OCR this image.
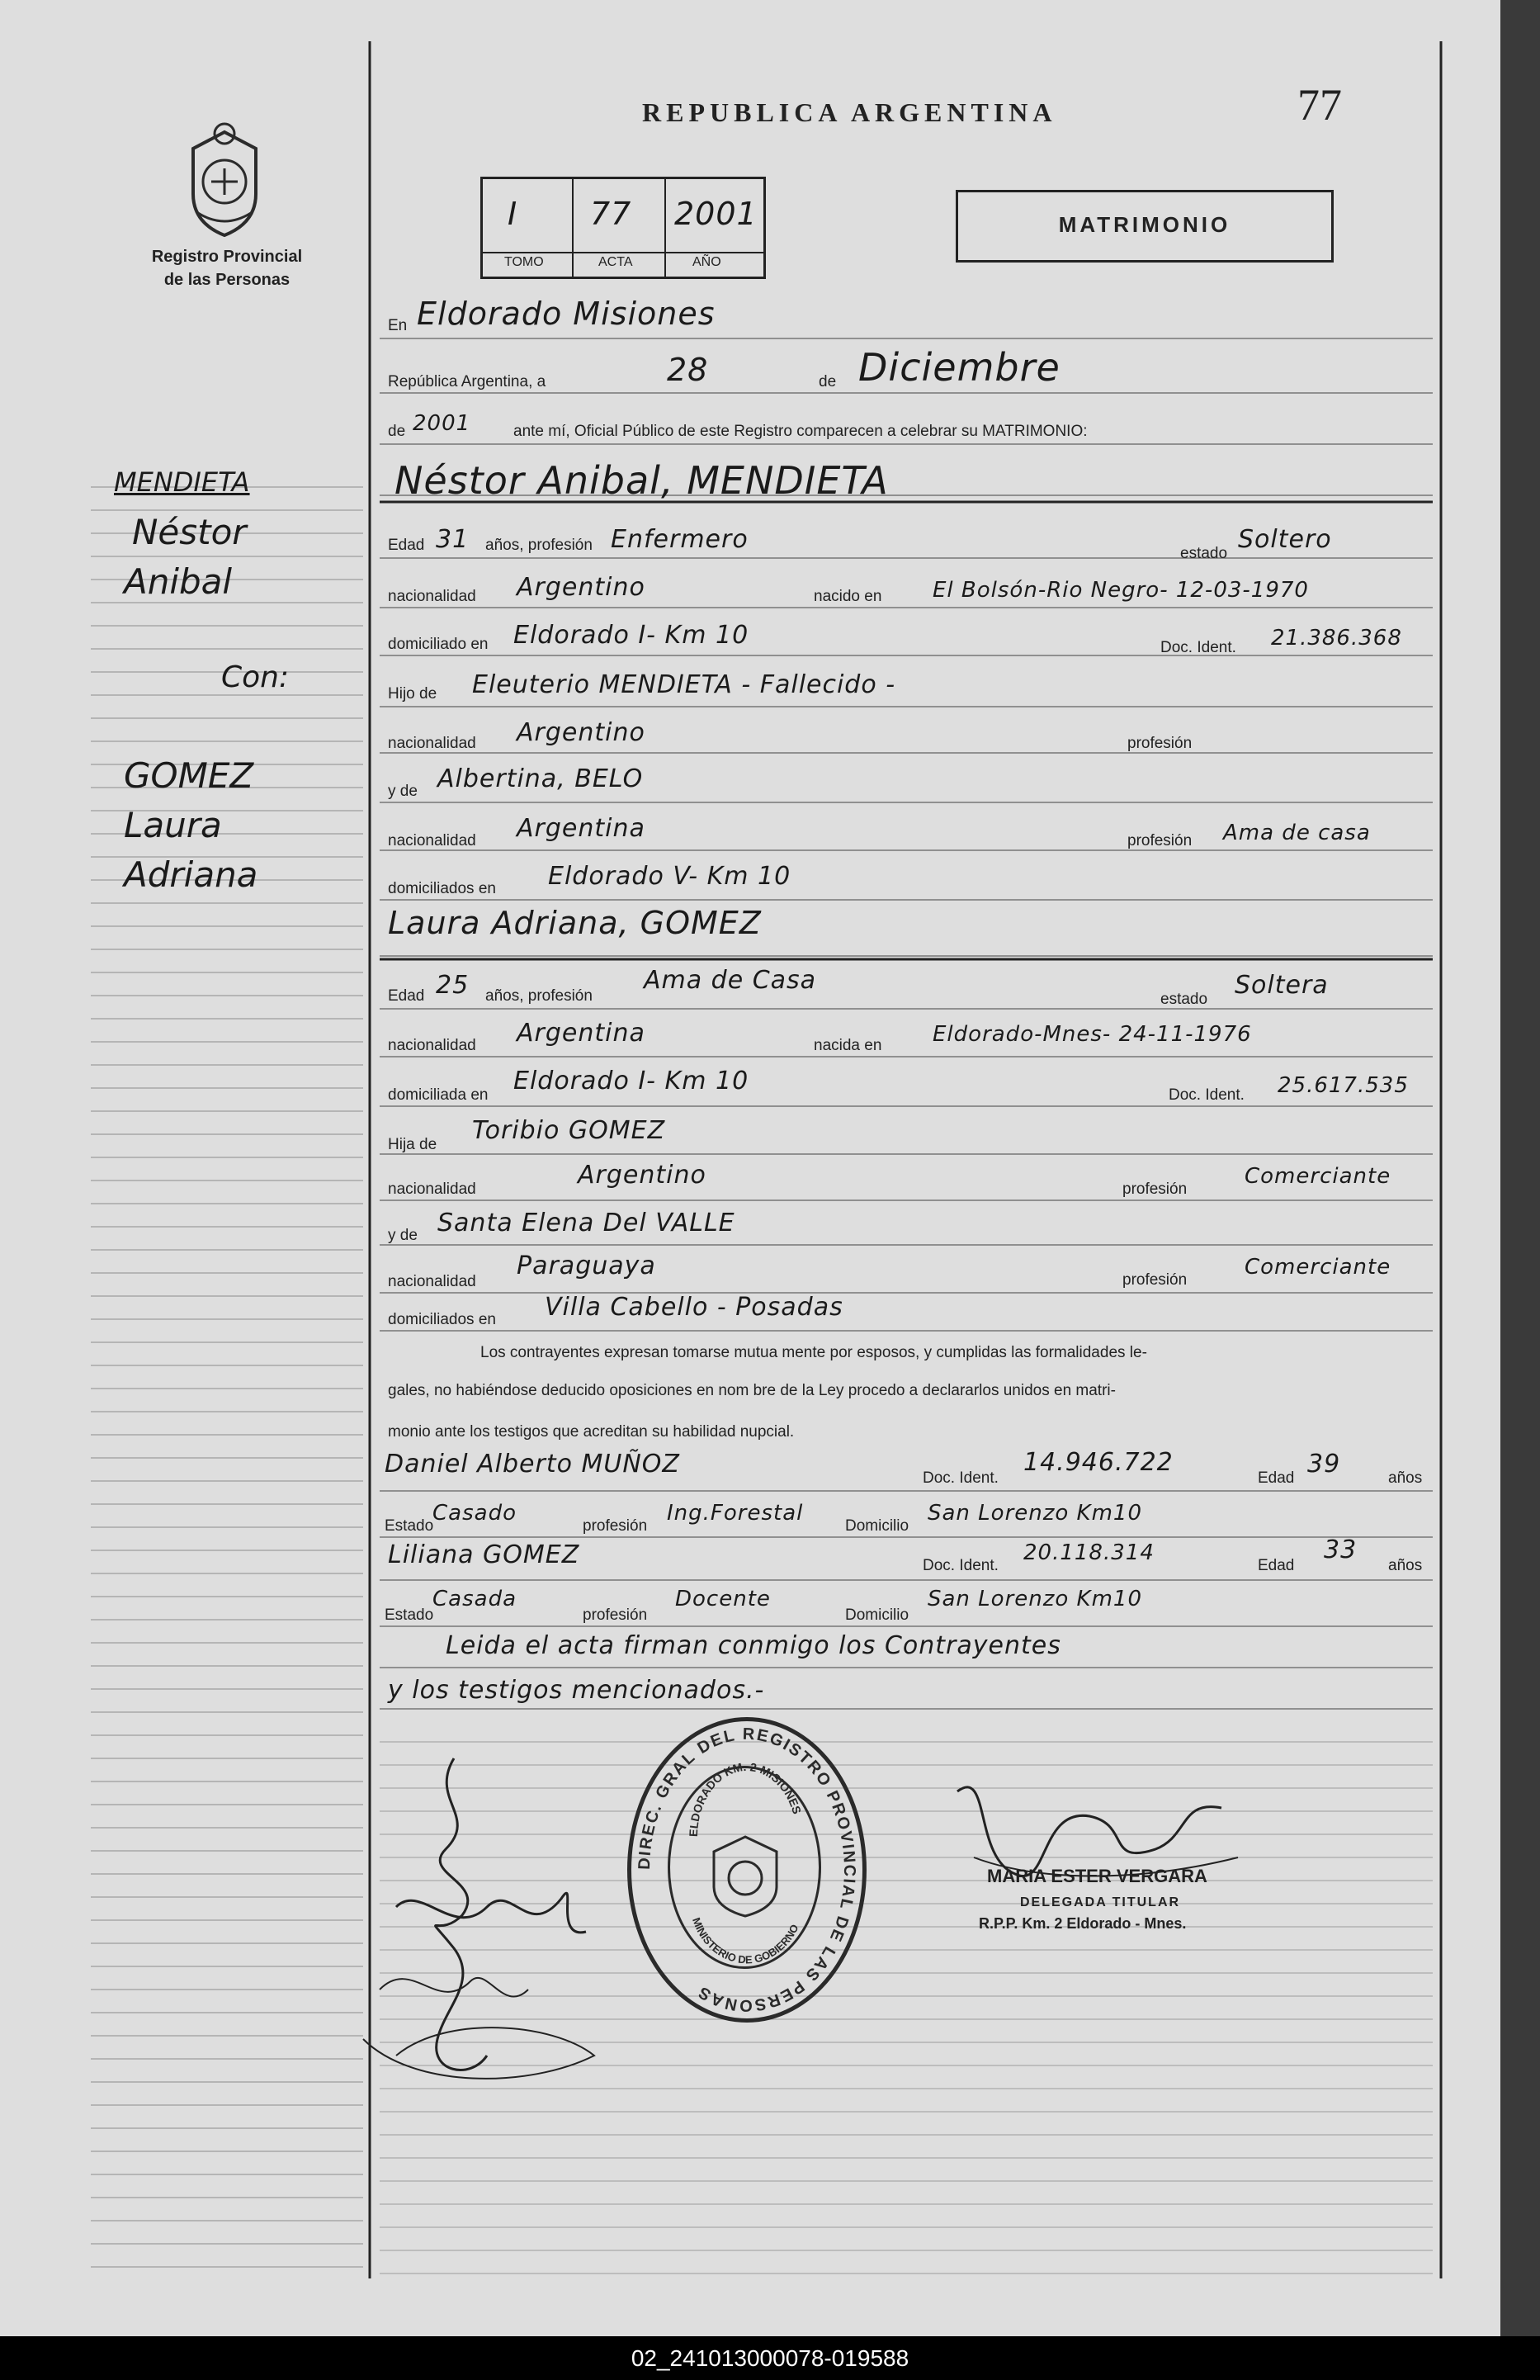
Registro Provincial
de las Personas
REPUBLICA ARGENTINA	77
I 77 2001
TOMO	ACTA	AÑO
MATRIMONIO
MENDIETA
Néstor
Anibal
Con:
GOMEZ
Laura
Adriana
En Eldorado Misiones
República Argentina, a	28	de Diciembre
de 2001	ante mí, Oficial Público de este Registro comparecen a celebrar su MATRIMONIO:
Néstor Anibal, MENDIETA
Edad 31 años, profesión Enfermero	estado Soltero
nacionalidad Argentino	nacido en El Bolsón-Rio Negro- 12-03-1970
domiciliado en Eldorado I- Km 10	Doc. Ident. 21.386.368
Hijo de Eleuterio MENDIETA - Fallecido -
nacionalidad Argentino	profesión
y de Albertina, BELO
nacionalidad Argentina	profesión Ama de casa
domiciliados en Eldorado V- Km 10
Laura Adriana, GOMEZ
Edad 25 años, profesión
Ama de Casa
estado Soltera
nacionalidad Argentina	nacida en Eldorado-Mnes- 24-11-1976
domiciliada en Eldorado I- Km 10	Doc. Ident. 25.617.535
Hija de Toribio GOMEZ
nacionalidad	Argentino	profesión
Comerciante
y de Santa Elena Del VALLE
nacionalidad
Paraguaya	profesión
Comerciante
domiciliados en Villa Cabello - Posadas
Los contrayentes expresan tomarse mutua mente por esposos, y cumplidas las formalidades le-
gales, no habiéndose deducido oposiciones en nom bre de la Ley procedo a declararlos unidos en matri-
monio ante los testigos que acreditan su habilidad nupcial.
Daniel Alberto MUÑOZ	Doc. Ident.
14.946.722
Edad 39	años
Estado
Casado
profesión
Ing.Forestal
Domicilio
San Lorenzo Km10
Liliana GOMEZ	Doc. Ident.
20.118.314
Edad
33
años
Estado
Casada
profesión
Docente
Domicilio
San Lorenzo Km10
Leida el acta firman conmigo los Contrayentes
y los testigos mencionados.-
DIREC. GRAL DEL REGISTRO PROVINCIAL DE LAS PERSONAS
ELDORADO KM. 2 MISIONES
MINISTERIO DE GOBIERNO
MARIA ESTER VERGARA
DELEGADA TITULAR
R.P.P. Km. 2 Eldorado - Mnes.
02_241013000078-019588
